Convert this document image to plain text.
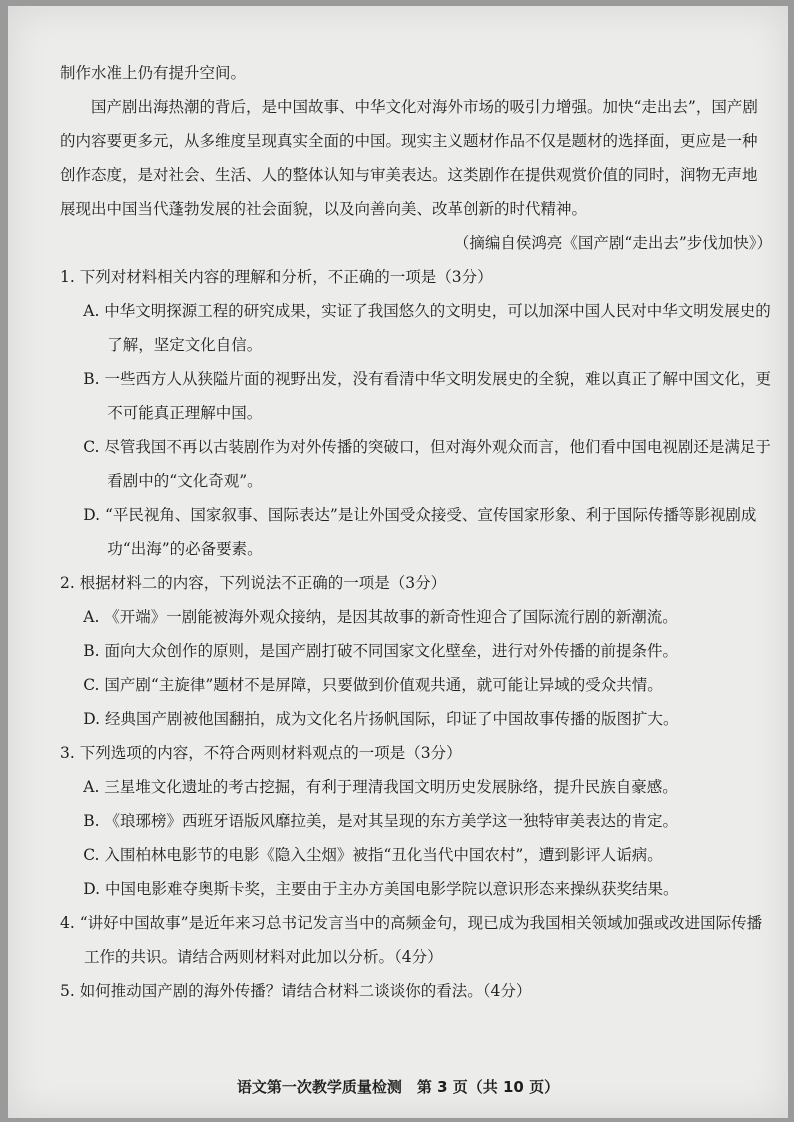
制作水准上仍有提升空间。

国产剧出海热潮的背后，是中国故事、中华文化对海外市场的吸引力增强。加快“走出去”，国产剧的内容要更多元，从多维度呈现真实全面的中国。现实主义题材作品不仅是题材的选择面，更应是一种创作态度，是对社会、生活、人的整体认知与审美表达。这类剧作在提供观赏价值的同时，润物无声地展现出中国当代蓬勃发展的社会面貌，以及向善向美、改革创新的时代精神。

（摘编自侯鸿亮《国产剧“走出去”步伐加快》）

1. 下列对材料相关内容的理解和分析，不正确的一项是（3分）

A. 中华文明探源工程的研究成果，实证了我国悠久的文明史，可以加深中国人民对中华文明发展史的了解，坚定文化自信。

B. 一些西方人从狭隘片面的视野出发，没有看清中华文明发展史的全貌，难以真正了解中国文化，更不可能真正理解中国。

C. 尽管我国不再以古装剧作为对外传播的突破口，但对海外观众而言，他们看中国电视剧还是满足于看剧中的“文化奇观”。

D. “平民视角、国家叙事、国际表达”是让外国受众接受、宣传国家形象、利于国际传播等影视剧成功“出海”的必备要素。

2. 根据材料二的内容，下列说法不正确的一项是（3分）

A. 《开端》一剧能被海外观众接纳，是因其故事的新奇性迎合了国际流行剧的新潮流。

B. 面向大众创作的原则，是国产剧打破不同国家文化壁垒，进行对外传播的前提条件。

C. 国产剧“主旋律”题材不是屏障，只要做到价值观共通，就可能让异域的受众共情。

D. 经典国产剧被他国翻拍，成为文化名片扬帆国际，印证了中国故事传播的版图扩大。

3. 下列选项的内容，不符合两则材料观点的一项是（3分）

A. 三星堆文化遗址的考古挖掘，有利于理清我国文明历史发展脉络，提升民族自豪感。

B. 《琅琊榜》西班牙语版风靡拉美，是对其呈现的东方美学这一独特审美表达的肯定。

C. 入围柏林电影节的电影《隐入尘烟》被指“丑化当代中国农村”，遭到影评人诟病。

D. 中国电影难夺奥斯卡奖，主要由于主办方美国电影学院以意识形态来操纵获奖结果。

4. “讲好中国故事”是近年来习总书记发言当中的高频金句，现已成为我国相关领域加强或改进国际传播工作的共识。请结合两则材料对此加以分析。（4分）

5. 如何推动国产剧的海外传播？请结合材料二谈谈你的看法。（4分）

语文第一次教学质量检测　第 3 页（共 10 页）
